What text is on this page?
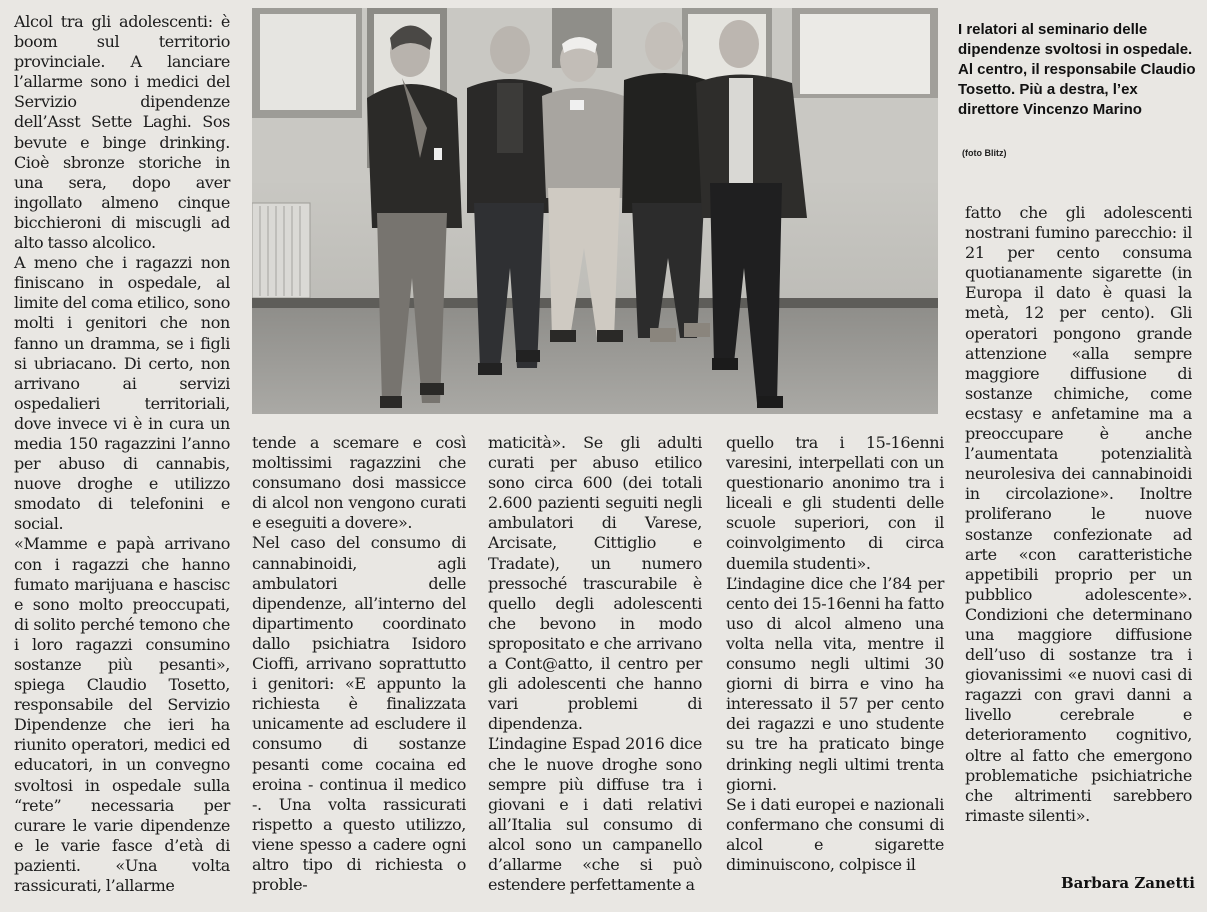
Alcol tra gli adolescenti: è boom sul territorio provinciale. A lanciare l’allarme sono i medici del Servizio dipendenze dell’Asst Sette Laghi. Sos bevute e binge drinking. Cioè sbronze storiche in una sera, dopo aver ingollato almeno cinque bicchieroni di miscugli ad alto tasso alcolico.

A meno che i ragazzi non finiscano in ospedale, al limite del coma etilico, sono molti i genitori che non fanno un dramma, se i figli si ubriacano. Di certo, non arrivano ai servizi ospedalieri territoriali, dove invece vi è in cura un media 150 ragazzini l’anno per abuso di cannabis, nuove droghe e utilizzo smodato di telefonini e social.

«Mamme e papà arrivano con i ragazzi che hanno fumato marijuana e hascisc e sono molto preoccupati, di solito perché temono che i loro ragazzi consumino sostanze più pesanti», spiega Claudio Tosetto, responsabile del Servizio Dipendenze che ieri ha riunito operatori, medici ed educatori, in un convegno svoltosi in ospedale sulla “rete” necessaria per curare le varie dipendenze e le varie fasce d’età di pazienti. «Una volta rassicurati, l’allarme

I relatori al seminario delle dipendenze svoltosi in ospedale. Al centro, il responsabile Claudio Tosetto. Più a destra, l’ex direttore Vincenzo Marino
(foto Blitz)

tende a scemare e così moltissimi ragazzini che consumano dosi massicce di alcol non vengono curati e eseguiti a dovere».

Nel caso del consumo di cannabinoidi, agli ambulatori delle dipendenze, all’interno del dipartimento coordinato dallo psichiatra Isidoro Cioffi, arrivano soprattutto i genitori: «E appunto la richiesta è finalizzata unicamente ad escludere il consumo di sostanze pesanti come cocaina ed eroina - continua il medico -. Una volta rassicurati rispetto a questo utilizzo, viene spesso a cadere ogni altro tipo di richiesta o proble-

maticità». Se gli adulti curati per abuso etilico sono circa 600 (dei totali 2.600 pazienti seguiti negli ambulatori di Varese, Arcisate, Cittiglio e Tradate), un numero pressoché trascurabile è quello degli adolescenti che bevono in modo spropositato e che arrivano a Cont@atto, il centro per gli adolescenti che hanno vari problemi di dipendenza.

L’indagine Espad 2016 dice che le nuove droghe sono sempre più diffuse tra i giovani e i dati relativi all’Italia sul consumo di alcol sono un campanello d’allarme «che si può estendere perfettamente a

quello tra i 15-16enni varesini, interpellati con un questionario anonimo tra i liceali e gli studenti delle scuole superiori, con il coinvolgimento di circa duemila studenti».

L’indagine dice che l’84 per cento dei 15-16enni ha fatto uso di alcol almeno una volta nella vita, mentre il consumo negli ultimi 30 giorni di birra e vino ha interessato il 57 per cento dei ragazzi e uno studente su tre ha praticato binge drinking negli ultimi trenta giorni.

Se i dati europei e nazionali confermano che consumi di alcol e sigarette diminuiscono, colpisce il

fatto che gli adolescenti nostrani fumino parecchio: il 21 per cento consuma quotianamente sigarette (in Europa il dato è quasi la metà, 12 per cento). Gli operatori pongono grande attenzione «alla sempre maggiore diffusione di sostanze chimiche, come ecstasy e anfetamine ma a preoccupare è anche l’aumentata potenzialità neurolesiva dei cannabinoidi in circolazione». Inoltre proliferano le nuove sostanze confezionate ad arte «con caratteristiche appetibili proprio per un pubblico adolescente». Condizioni che determinano una maggiore diffusione dell’uso di sostanze tra i giovanissimi «e nuovi casi di ragazzi con gravi danni a livello cerebrale e deterioramento cognitivo, oltre al fatto che emergono problematiche psichiatriche che altrimenti sarebbero rimaste silenti».

Barbara Zanetti
